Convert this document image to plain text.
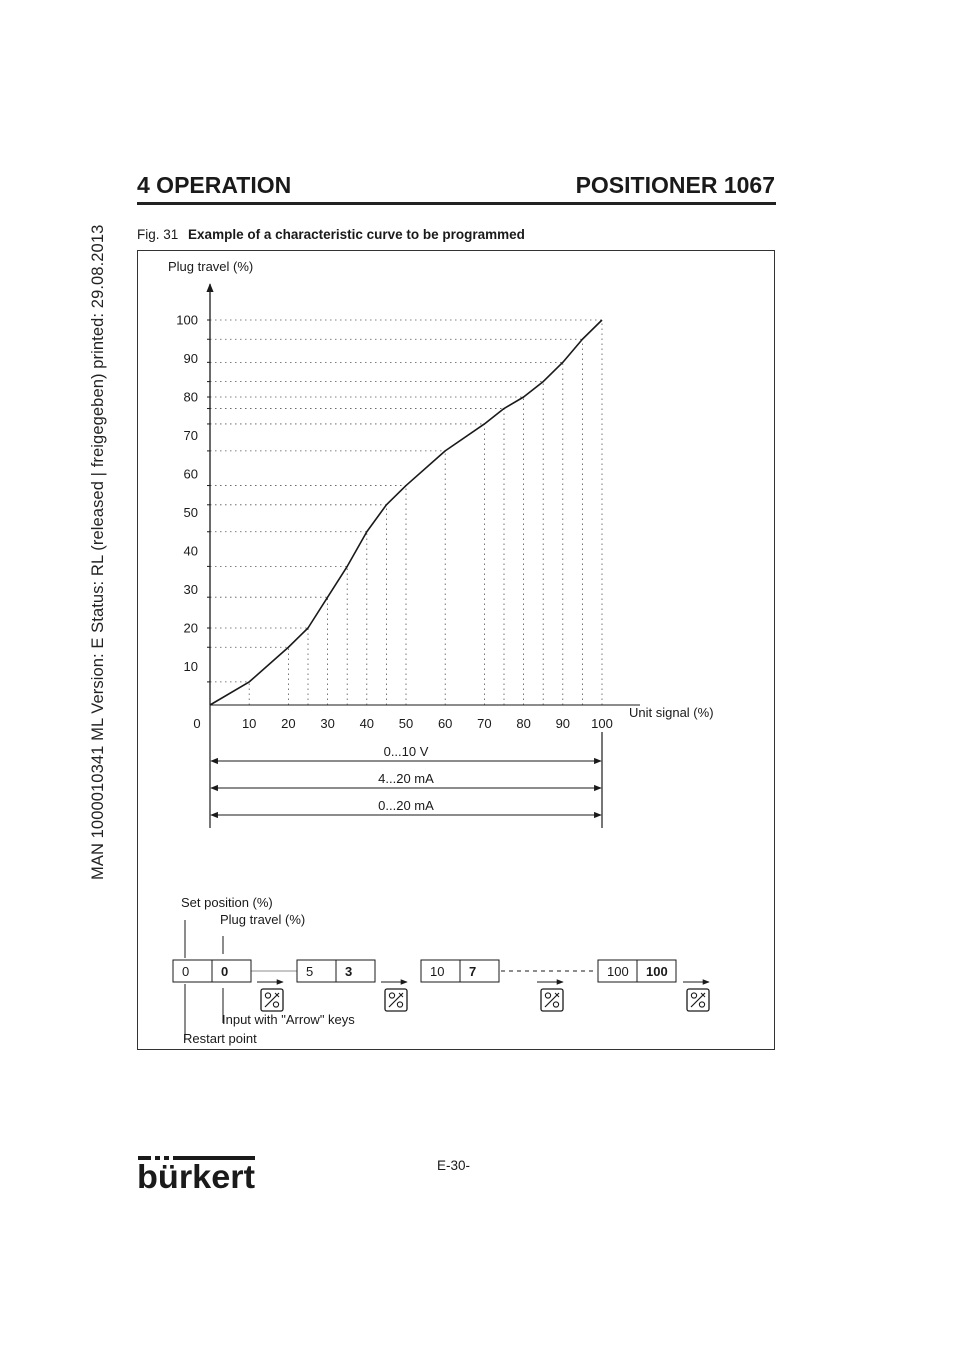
MAN 1000010341 ML Version: E Status: RL (released | freigegeben) printed: 29.08.2013
4 OPERATION	POSITIONER 1067
Fig. 31 Example of a characteristic curve to be programmed
Plug travel (%)
Unit signal (%)
0	10 20 30 40 50 60 70 80 90 100
10
20
30
40
50
60
70
80
90
100
0...10 V
4...20 mA
0...20 mA
Set position (%)
Plug travel (%)
Input with "Arrow" keys
Restart point
0 0	5 3	10 7	100 100
bürkert	E-30-
